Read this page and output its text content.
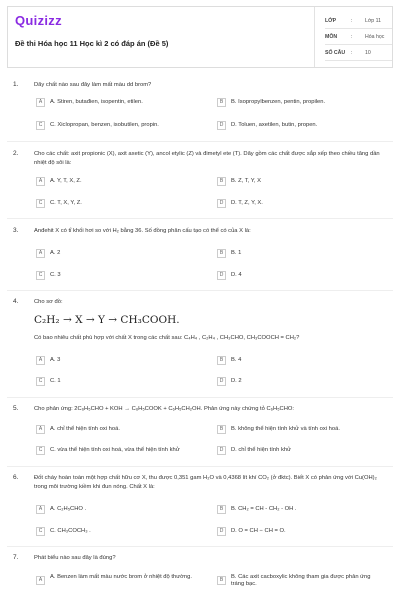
Quizizz
Đề thi Hóa học 11 Học kì 2 có đáp án (Đề 5)
LỚP	: Lớp 11
MÔN	: Hóa học
SỐ CÂU : 10
1.	Dãy chất nào sau đây làm mất màu dd brom?
A	A. Stiren, butađien, isopentin, etilen.	B	B. Isopropylbenzen, pentin, propilen.
C	C. Xiclopropan, benzen, isobutilen, propin.	D	D. Toluen, axetilen, butin, propen.
2.	Cho các chất: axit propionic (X), axit axetic (Y), ancol etylic (Z) và đimetyl ete (T). Dãy gồm các chất được sắp xếp theo chiều tăng dần nhiệt độ sôi là:
A	A. Y, T, X, Z.	B	B. Z, T, Y, X
C	C. T, X, Y, Z.	D	D. T, Z, Y, X.
3.	Anđehit X có tỉ khối hơi so với H₂ bằng 36. Số đồng phân cấu tạo có thể có của X là:
A	A. 2	B	B. 1
C	C. 3	D	D. 4
4.	Cho sơ đồ:
C₂H₂ → X → Y → CH₃COOH.
Có bao nhiêu chất phù hợp với chất X trong các chất sau: C₄H₄ , C₂H₄ , CH₃CHO, CH₃COOCH = CH₂?
A	A. 3	B	B. 4
C	C. 1	D	D. 2
5.	Cho phản ứng: 2C₆H₅CHO + KOH → C₆H₅COOK + C₆H₅CH₂OH. Phản ứng này chứng tỏ C₆H₅CHO:
A	A. chỉ thể hiện tính oxi hoá.	B	B. không thể hiện tính khử và tính oxi hoá.
C	C. vừa thể hiện tính oxi hoá, vừa thể hiện tính khử	D	D. chỉ thể hiện tính khử
6.	Đốt cháy hoàn toàn một hợp chất hữu cơ X, thu được 0,351 gam H₂O và 0,4368 lít khí CO₂ (ở đktc). Biết X có phản ứng với Cu(OH)₂ trong môi trường kiềm khi đun nóng. Chất X là:
A	A. C₂H₅CHO .	B	B. CH₂ = CH - CH₂ - OH .
C	C. CH₃COCH₃ .	D	D. O = CH − CH = O.
7.	Phát biểu nào sau đây là đúng?
A	A. Benzen làm mất màu nước brom ở nhiệt độ thường.	B	B. Các axit cacboxylic không tham gia được phản ứng tráng bạc.
